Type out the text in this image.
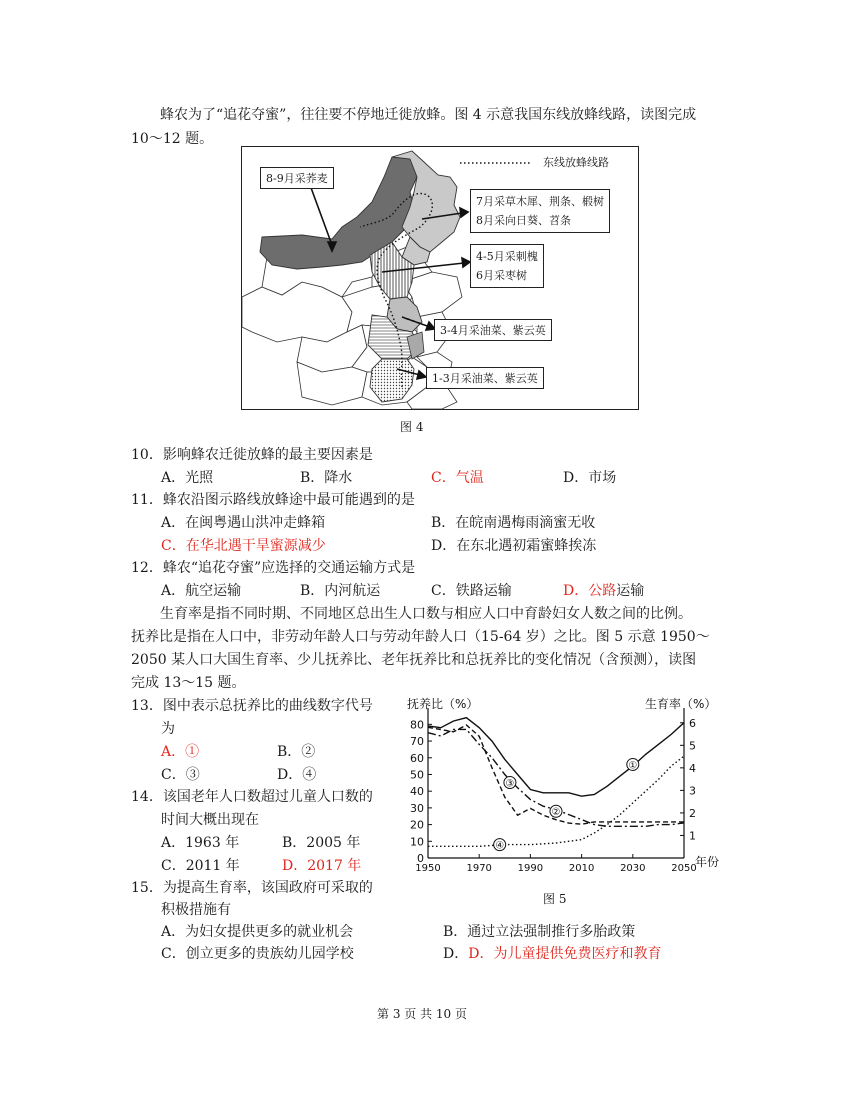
蜂农为了“追花夺蜜”，往往要不停地迁徙放蜂。图 4 示意我国东线放蜂线路，读图完成
10～12 题。
8-9月采荞麦
东线放蜂线路
7月采草木犀、荆条、椴树
8月采向日葵、苕条
4-5月采刺槐
6月采枣树
3-4月采油菜、紫云英
1-3月采油菜、紫云英
图 4
10．影响蜂农迁徙放蜂的最主要因素是
A．光照	B．降水	C．气温	D．市场
11．蜂农沿图示路线放蜂途中最可能遇到的是
A．在闽粤遇山洪冲走蜂箱	B．在皖南遇梅雨滴蜜无收
C．在华北遇干旱蜜源减少	D．在东北遇初霜蜜蜂挨冻
12．蜂农“追花夺蜜”应选择的交通运输方式是
A．航空运输	B．内河航运	C．铁路运输	D．公路运输
生育率是指不同时期、不同地区总出生人口数与相应人口中育龄妇女人数之间的比例。
抚养比是指在人口中，非劳动年龄人口与劳动年龄人口（15-64 岁）之比。图 5 示意 1950～
2050 某人口大国生育率、少儿抚养比、老年抚养比和总抚养比的变化情况（含预测），读图
完成 13～15 题。
13．图中表示总抚养比的曲线数字代号
为
A．①	B．②
C．③	D．④
14．该国老年人口数超过儿童人口数的
时间大概出现在
A．1963 年	B．2005 年
C．2011 年	D．2017 年
15．为提高生育率，该国政府可采取的
积极措施有
A．为妇女提供更多的就业机会	B．通过立法强制推行多胎政策
C．创立更多的贵族幼儿园学校	D．D．为儿童提供免费医疗和教育
抚养比（%）	生育率（%）
年份
0
10
20
30
40
50
60
70
80
1
2
3
4
5
6
1950	1970	1990	2010	2030	2050
①
②
③
④
图 5
第 3 页 共 10 页
